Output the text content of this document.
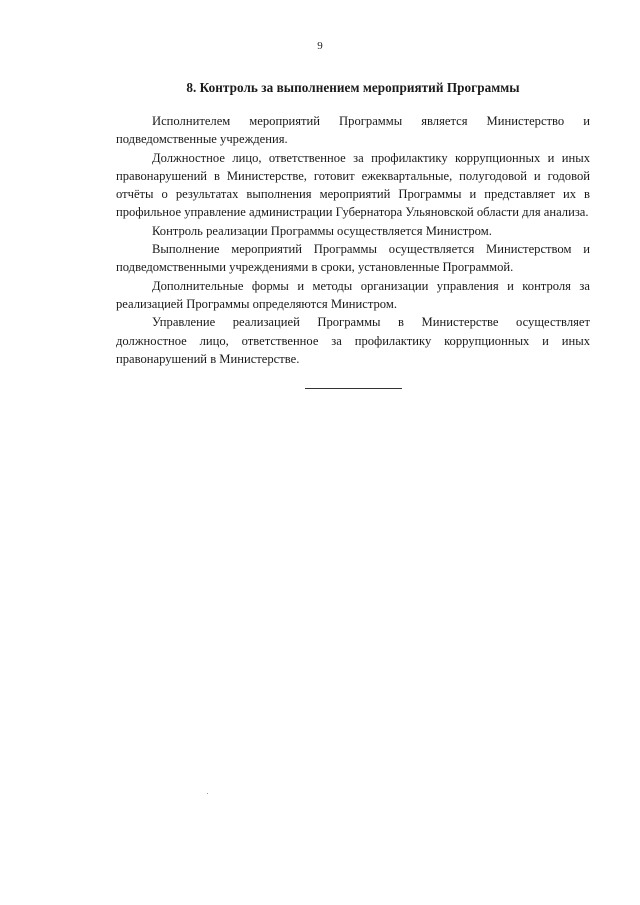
9
8. Контроль за выполнением мероприятий Программы

Исполнителем мероприятий Программы является Министерство и подведомственные учреждения.

Должностное лицо, ответственное за профилактику коррупционных и иных правонарушений в Министерстве, готовит ежеквартальные, полугодовой и годовой отчёты о результатах выполнения мероприятий Программы и представляет их в профильное управление администрации Губернатора Ульяновской области для анализа.

Контроль реализации Программы осуществляется Министром.

Выполнение мероприятий Программы осуществляется Министерством и подведомственными учреждениями в сроки, установленные Программой.

Дополнительные формы и методы организации управления и контроля за реализацией Программы определяются Министром.

Управление реализацией Программы в Министерстве осуществляет должностное лицо, ответственное за профилактику коррупционных и иных правонарушений в Министерстве.
